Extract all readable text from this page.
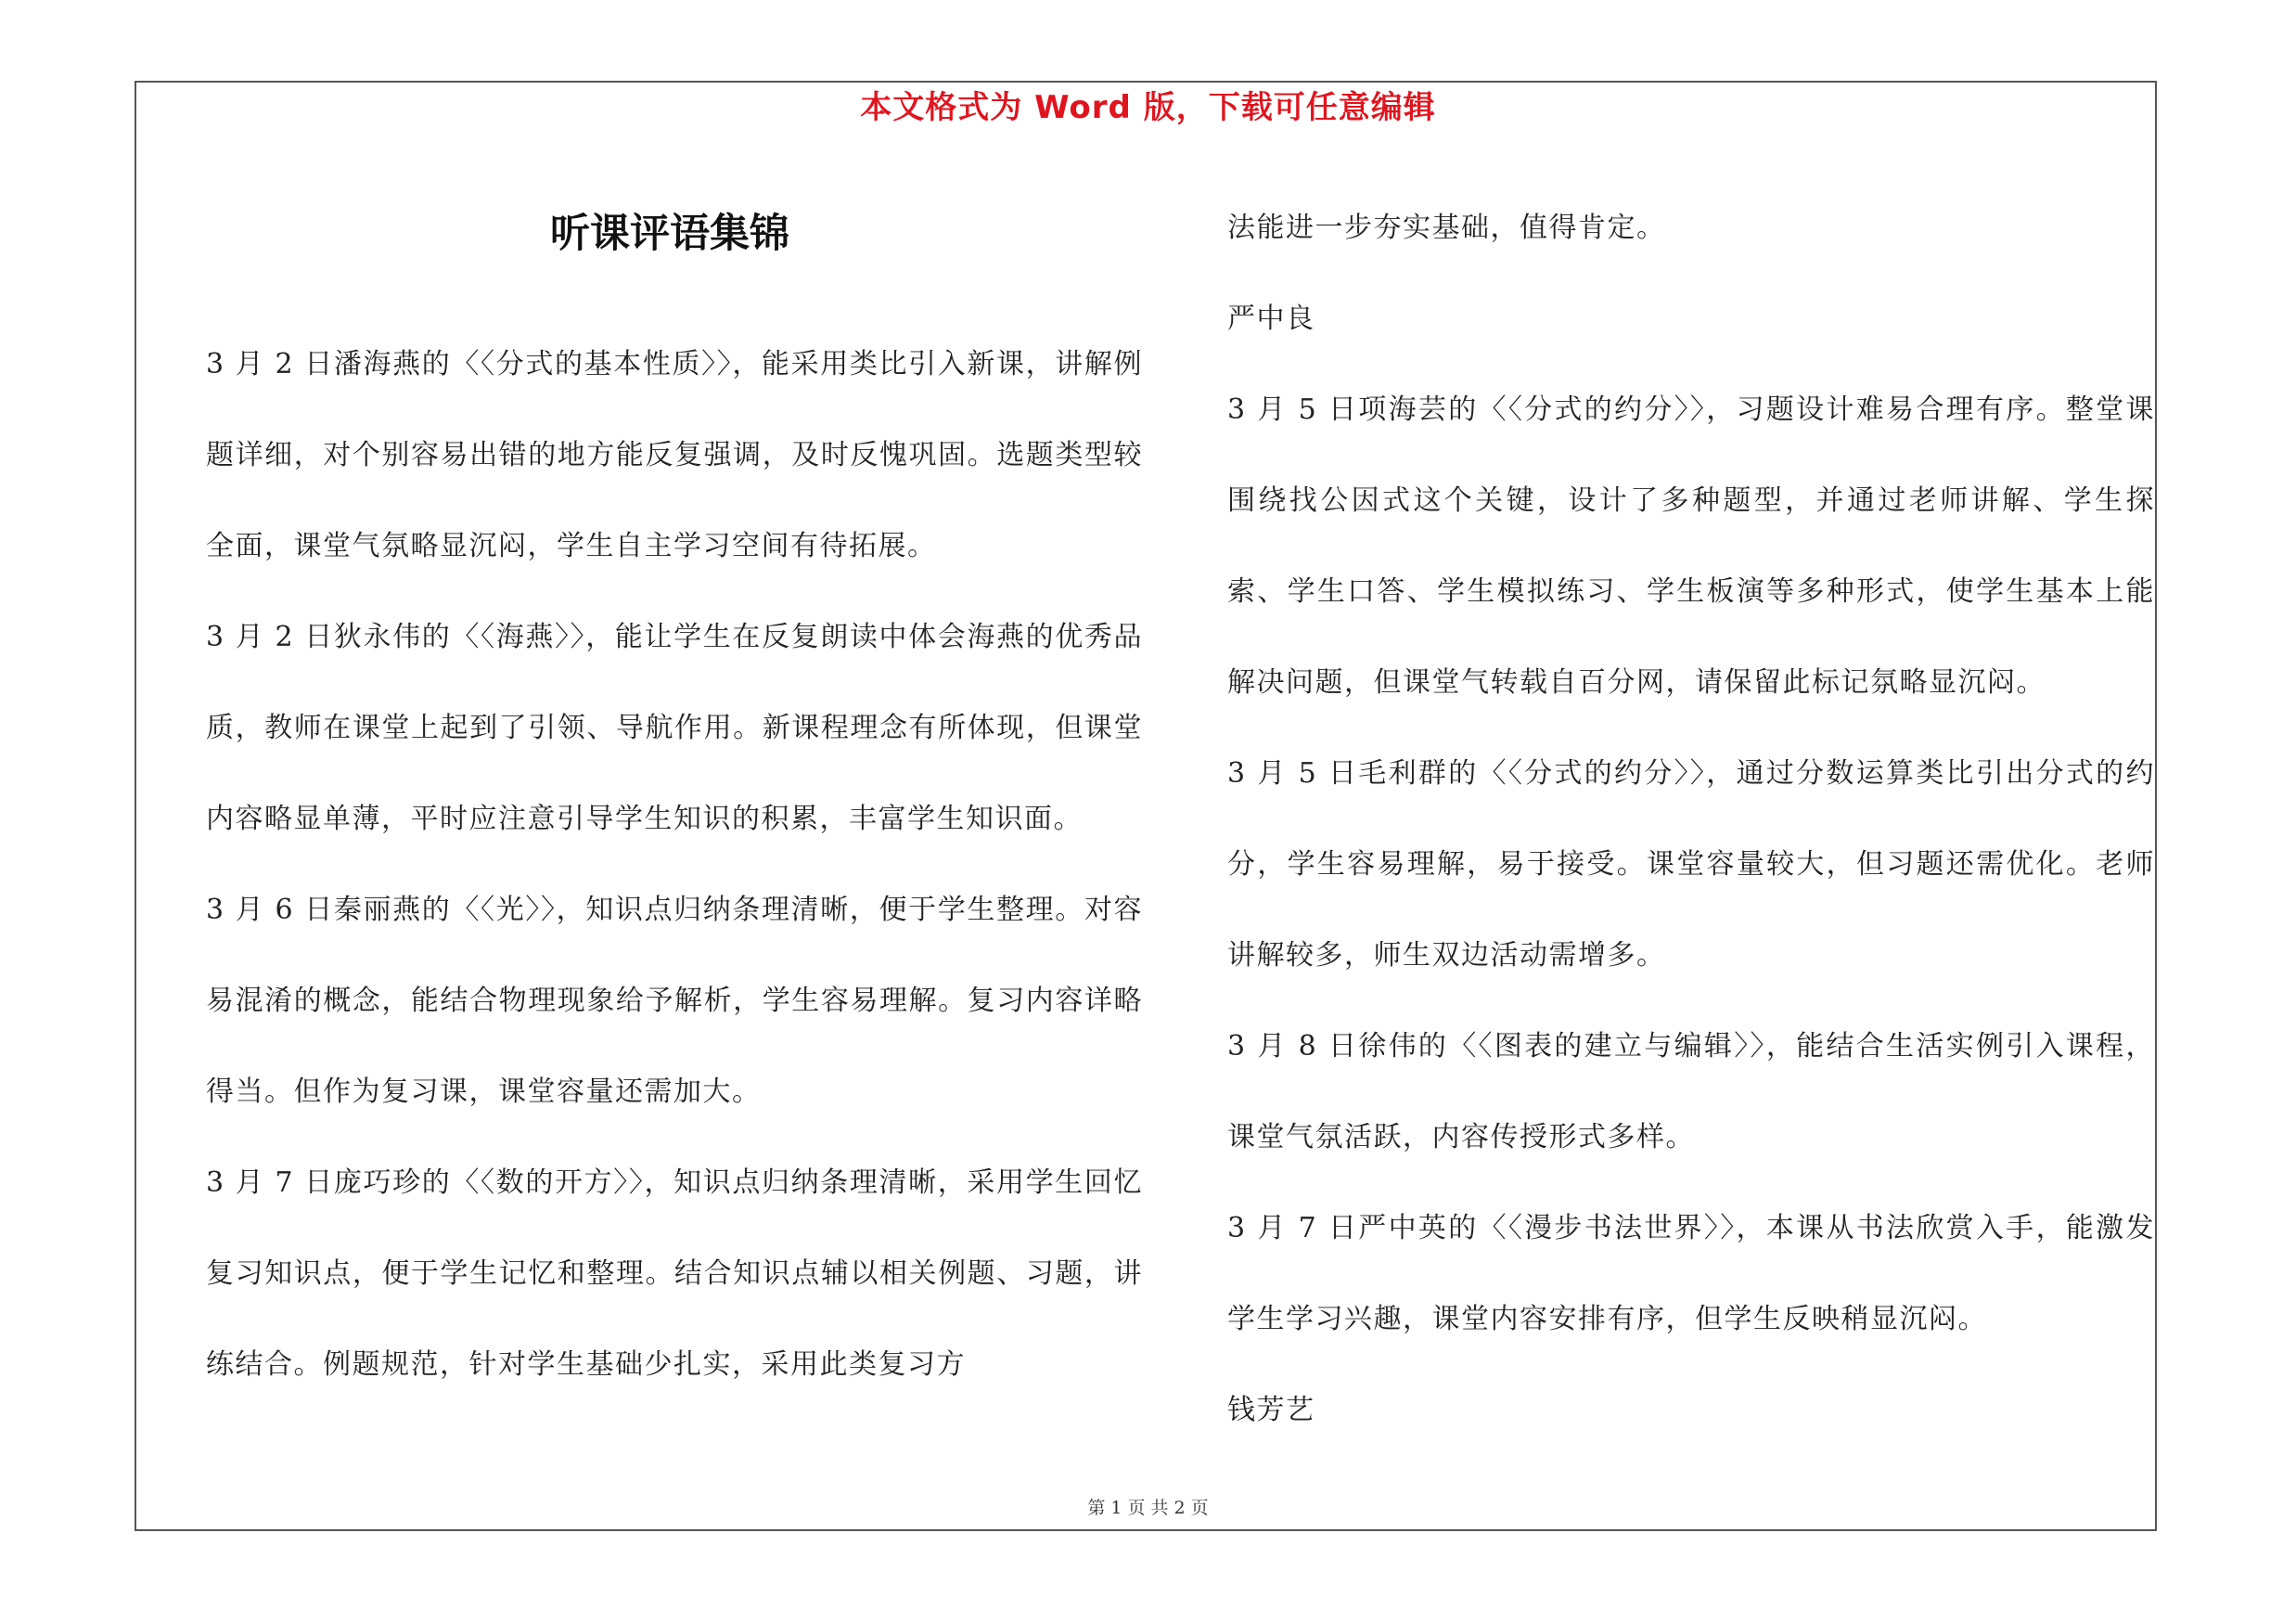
本文格式为 Word 版，下载可任意编辑
听课评语集锦

3 月 2 日潘海燕的〈〈分式的基本性质〉〉，能采用类比引入新课，讲解例题详细，对个别容易出错的地方能反复强调，及时反愧巩固。选题类型较全面，课堂气氛略显沉闷，学生自主学习空间有待拓展。

3 月 2 日狄永伟的〈〈海燕〉〉，能让学生在反复朗读中体会海燕的优秀品质，教师在课堂上起到了引领、导航作用。新课程理念有所体现，但课堂内容略显单薄，平时应注意引导学生知识的积累，丰富学生知识面。

3 月 6 日秦丽燕的〈〈光〉〉，知识点归纳条理清晰，便于学生整理。对容易混淆的概念，能结合物理现象给予解析，学生容易理解。复习内容详略得当。但作为复习课，课堂容量还需加大。

3 月 7 日庞巧珍的〈〈数的开方〉〉，知识点归纳条理清晰，采用学生回忆复习知识点，便于学生记忆和整理。结合知识点辅以相关例题、习题，讲练结合。例题规范，针对学生基础少扎实，采用此类复习方

法能进一步夯实基础，值得肯定。

严中良

3 月 5 日项海芸的〈〈分式的约分〉〉，习题设计难易合理有序。整堂课围绕找公因式这个关键，设计了多种题型，并通过老师讲解、学生探索、学生口答、学生模拟练习、学生板演等多种形式，使学生基本上能解决问题，但课堂气转载自百分网，请保留此标记氛略显沉闷。

3 月 5 日毛利群的〈〈分式的约分〉〉，通过分数运算类比引出分式的约分，学生容易理解，易于接受。课堂容量较大，但习题还需优化。老师讲解较多，师生双边活动需增多。

3 月 8 日徐伟的〈〈图表的建立与编辑〉〉，能结合生活实例引入课程，课堂气氛活跃，内容传授形式多样。

3 月 7 日严中英的〈〈漫步书法世界〉〉，本课从书法欣赏入手，能激发学生学习兴趣，课堂内容安排有序，但学生反映稍显沉闷。

钱芳艺

第 1 页 共 2 页
